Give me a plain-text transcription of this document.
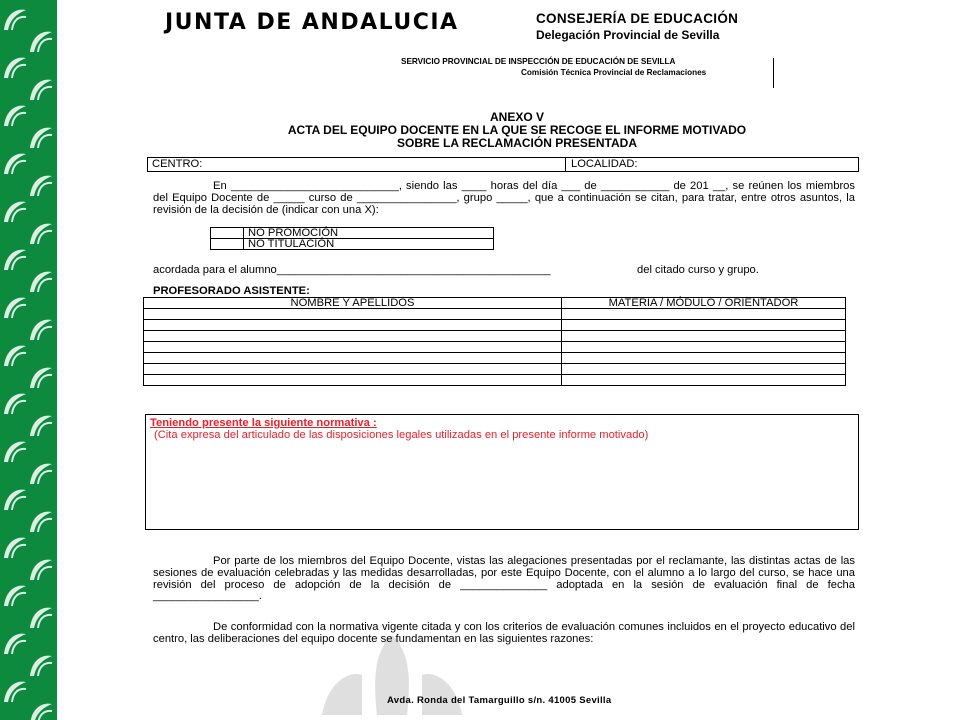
JUNTA DE ANDALUCIA	CONSEJERÍA DE EDUCACIÓN
Delegación Provincial de Sevilla
SERVICIO PROVINCIAL DE INSPECCIÓN DE EDUCACIÓN DE SEVILLA
Comisión Técnica Provincial de Reclamaciones
ANEXO V
ACTA DEL EQUIPO DOCENTE EN LA QUE SE RECOGE EL INFORME MOTIVADO
SOBRE LA RECLAMACIÓN PRESENTADA
CENTRO:	LOCALIDAD:
En ___________________________, siendo las ____ horas del día ___ de ___________ de 201 __, se reúnen los miembros del Equipo Docente de _____ curso de ________________, grupo _____, que a continuación se citan, para tratar, entre otros asuntos, la revisión de la decisión de (indicar con una X):
	NO PROMOCIÓN
	NO TITULACIÓN
acordada para el alumno____________________________________________	del citado curso y grupo.
PROFESORADO ASISTENTE:
NOMBRE Y APELLIDOS	MATERIA / MÓDULO / ORIENTADOR

Teniendo presente la siguiente normativa :
(Cita expresa del articulado de las disposiciones legales utilizadas en el presente informe motivado)
Por parte de los miembros del Equipo Docente, vistas las alegaciones presentadas por el reclamante, las distintas actas de las sesiones de evaluación celebradas y las medidas desarrolladas, por este Equipo Docente, con el alumno a lo largo del curso, se hace una revisión del proceso de adopción de la decisión de ______________ adoptada en la sesión de evaluación final de fecha _________________.
De conformidad con la normativa vigente citada y con los criterios de evaluación comunes incluidos en el proyecto educativo del centro, las deliberaciones del equipo docente se fundamentan en las siguientes razones:
Avda. Ronda del Tamarguillo s/n. 41005 Sevilla
